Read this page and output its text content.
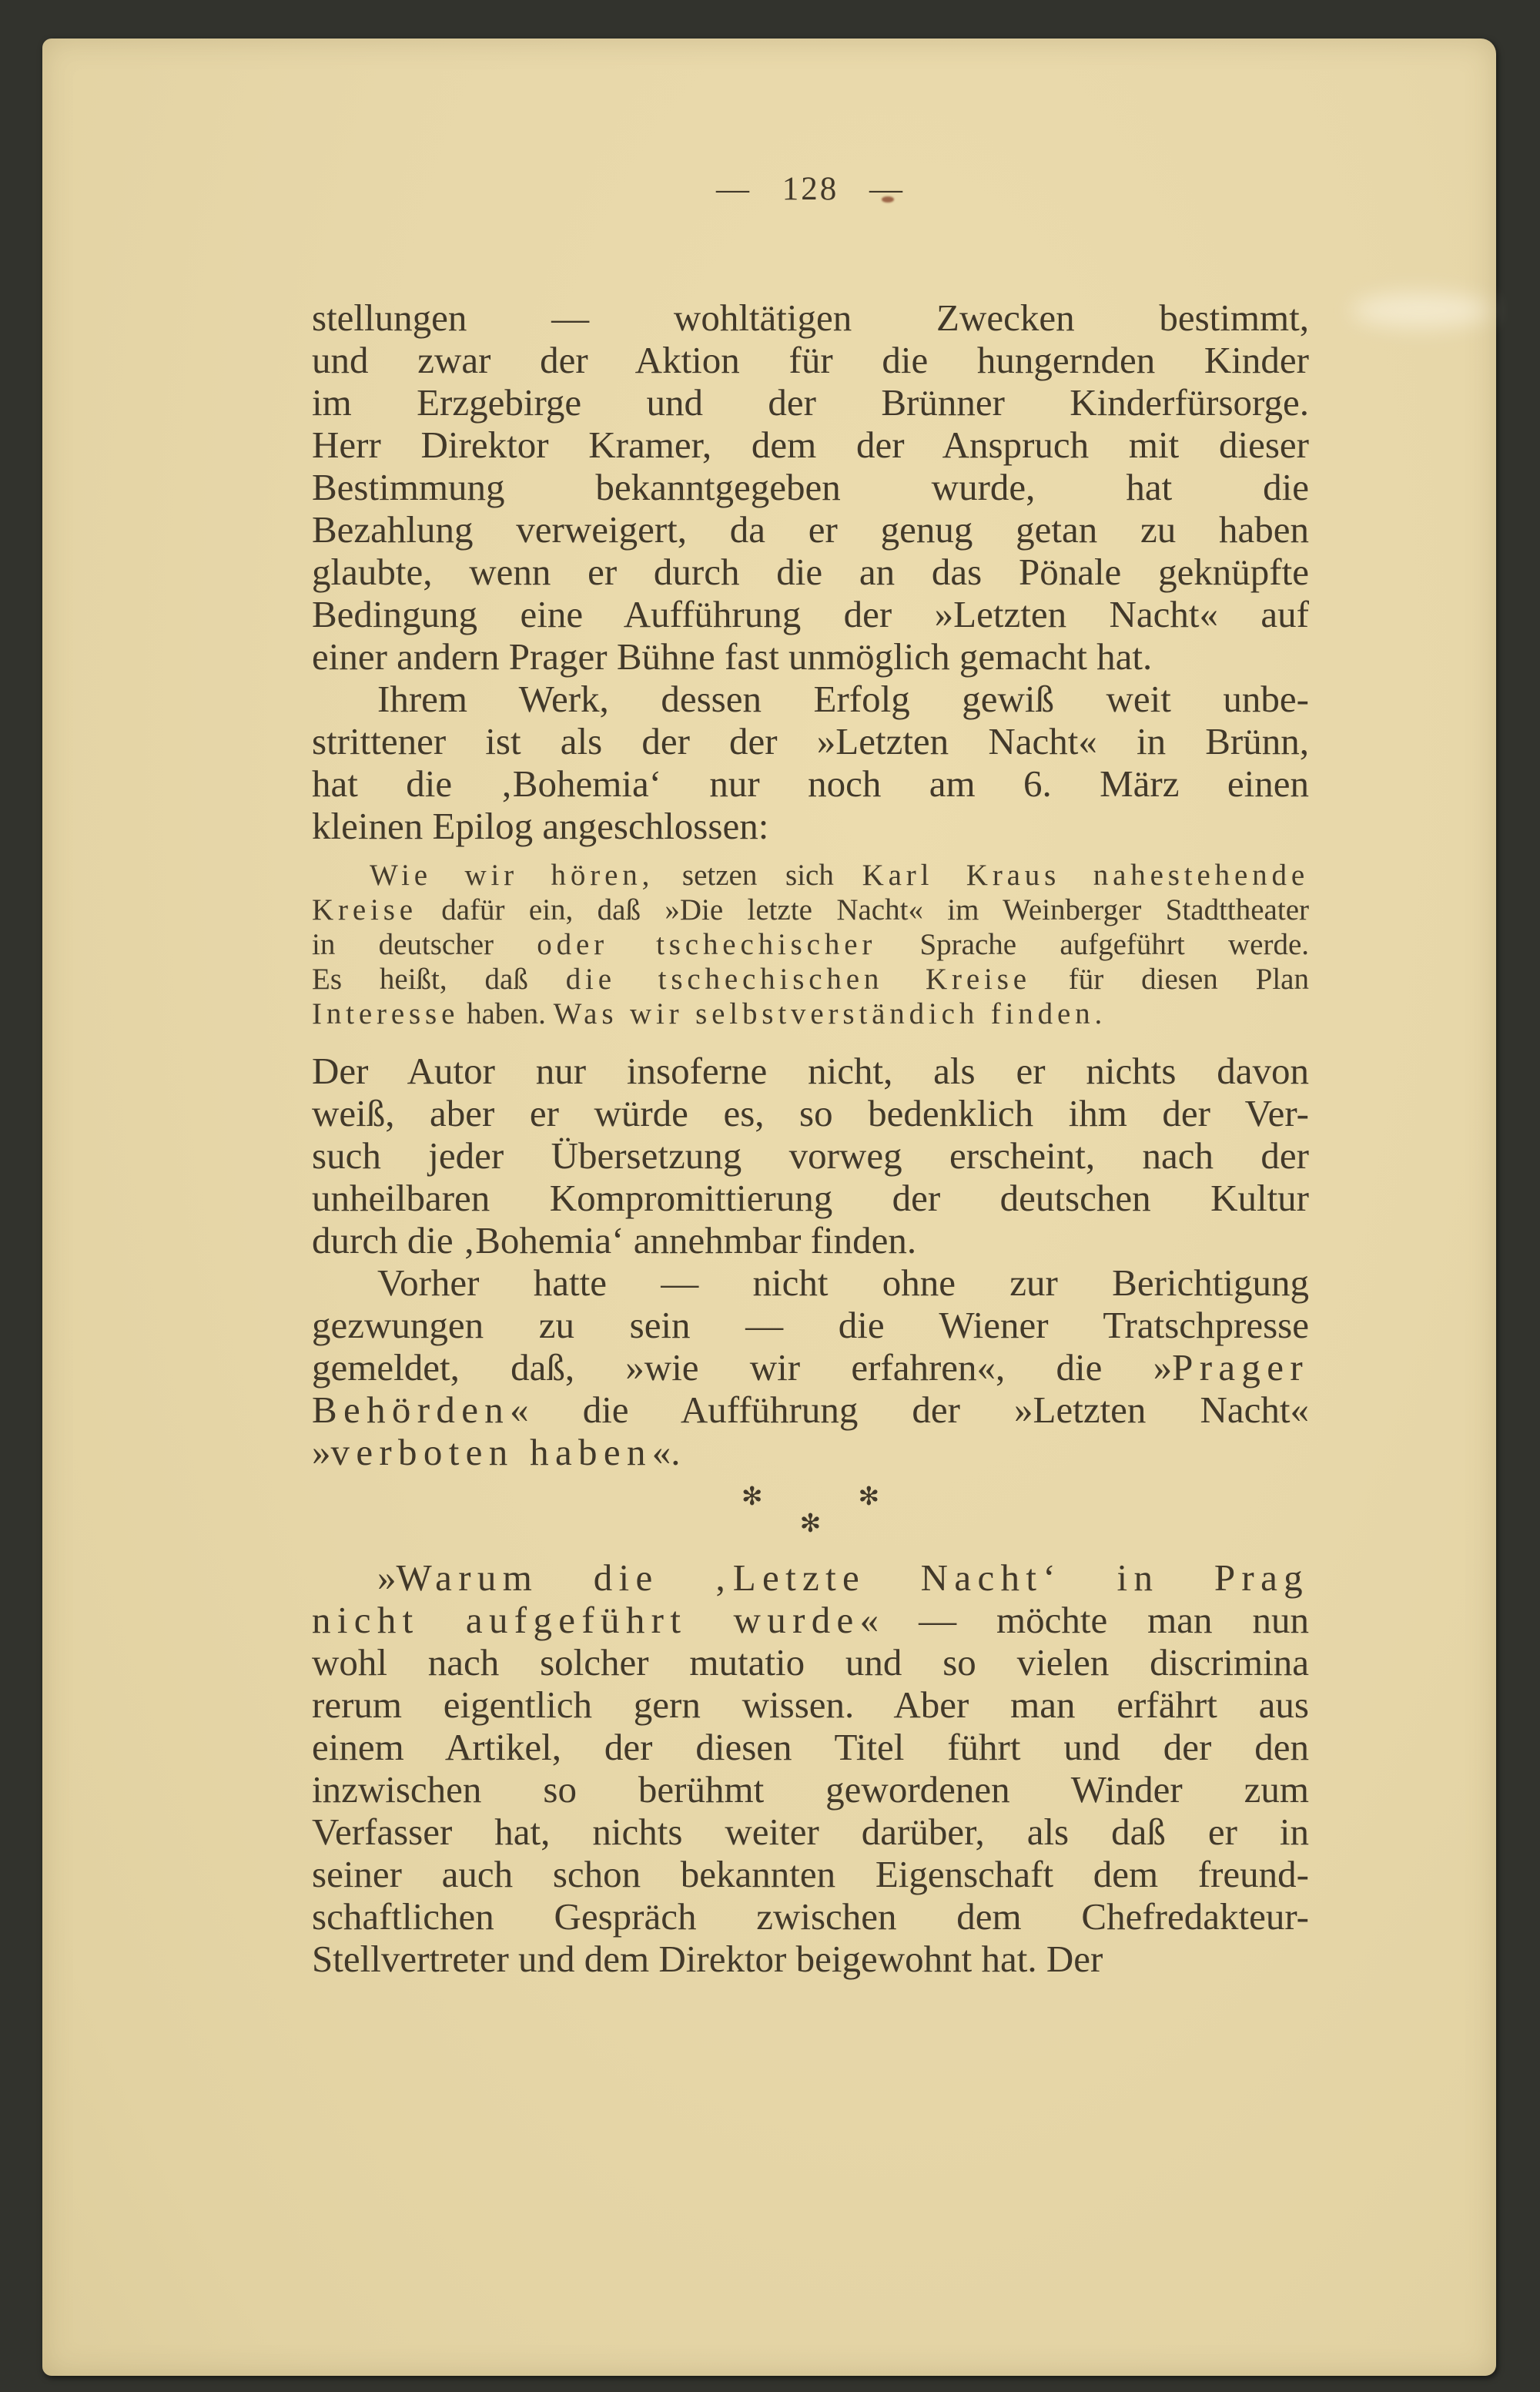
— 128 —
stellungen — wohltätigen Zwecken bestimmt,
und zwar der Aktion für die hungernden Kinder
im Erzgebirge und der Brünner Kinderfürsorge.
Herr Direktor Kramer, dem der Anspruch mit dieser
Bestimmung bekanntgegeben wurde, hat die
Bezahlung verweigert, da er genug getan zu haben
glaubte, wenn er durch die an das Pönale geknüpfte
Bedingung eine Aufführung der »Letzten Nacht« auf
einer andern Prager Bühne fast unmöglich gemacht hat.
Ihrem Werk, dessen Erfolg gewiß weit unbe-
strittener ist als der der »Letzten Nacht« in Brünn,
hat die ‚Bohemia‘ nur noch am 6. März einen
kleinen Epilog angeschlossen:
Wie wir hören, setzen sich Karl Kraus nahestehende
Kreise dafür ein, daß »Die letzte Nacht« im Weinberger Stadttheater
in deutscher oder tschechischer Sprache aufgeführt werde.
Es heißt, daß die tschechischen Kreise für diesen Plan
Interesse haben. Was wir selbstverständich finden.
Der Autor nur insoferne nicht, als er nichts davon
weiß, aber er würde es, so bedenklich ihm der Ver-
such jeder Übersetzung vorweg erscheint, nach der
unheilbaren Kompromittierung der deutschen Kultur
durch die ‚Bohemia‘ annehmbar finden.
Vorher hatte — nicht ohne zur Berichtigung
gezwungen zu sein — die Wiener Tratschpresse
gemeldet, daß, »wie wir erfahren«, die »Prager
Behörden« die Aufführung der »Letzten Nacht«
»verboten haben«.
✻	✻
✻
»Warum die ‚Letzte Nacht‘ in Prag
nicht aufgeführt wurde« — möchte man nun
wohl nach solcher mutatio und so vielen discrimina
rerum eigentlich gern wissen. Aber man erfährt aus
einem Artikel, der diesen Titel führt und der den
inzwischen so berühmt gewordenen Winder zum
Verfasser hat, nichts weiter darüber, als daß er in
seiner auch schon bekannten Eigenschaft dem freund-
schaftlichen Gespräch zwischen dem Chefredakteur-
Stellvertreter und dem Direktor beigewohnt hat. Der
